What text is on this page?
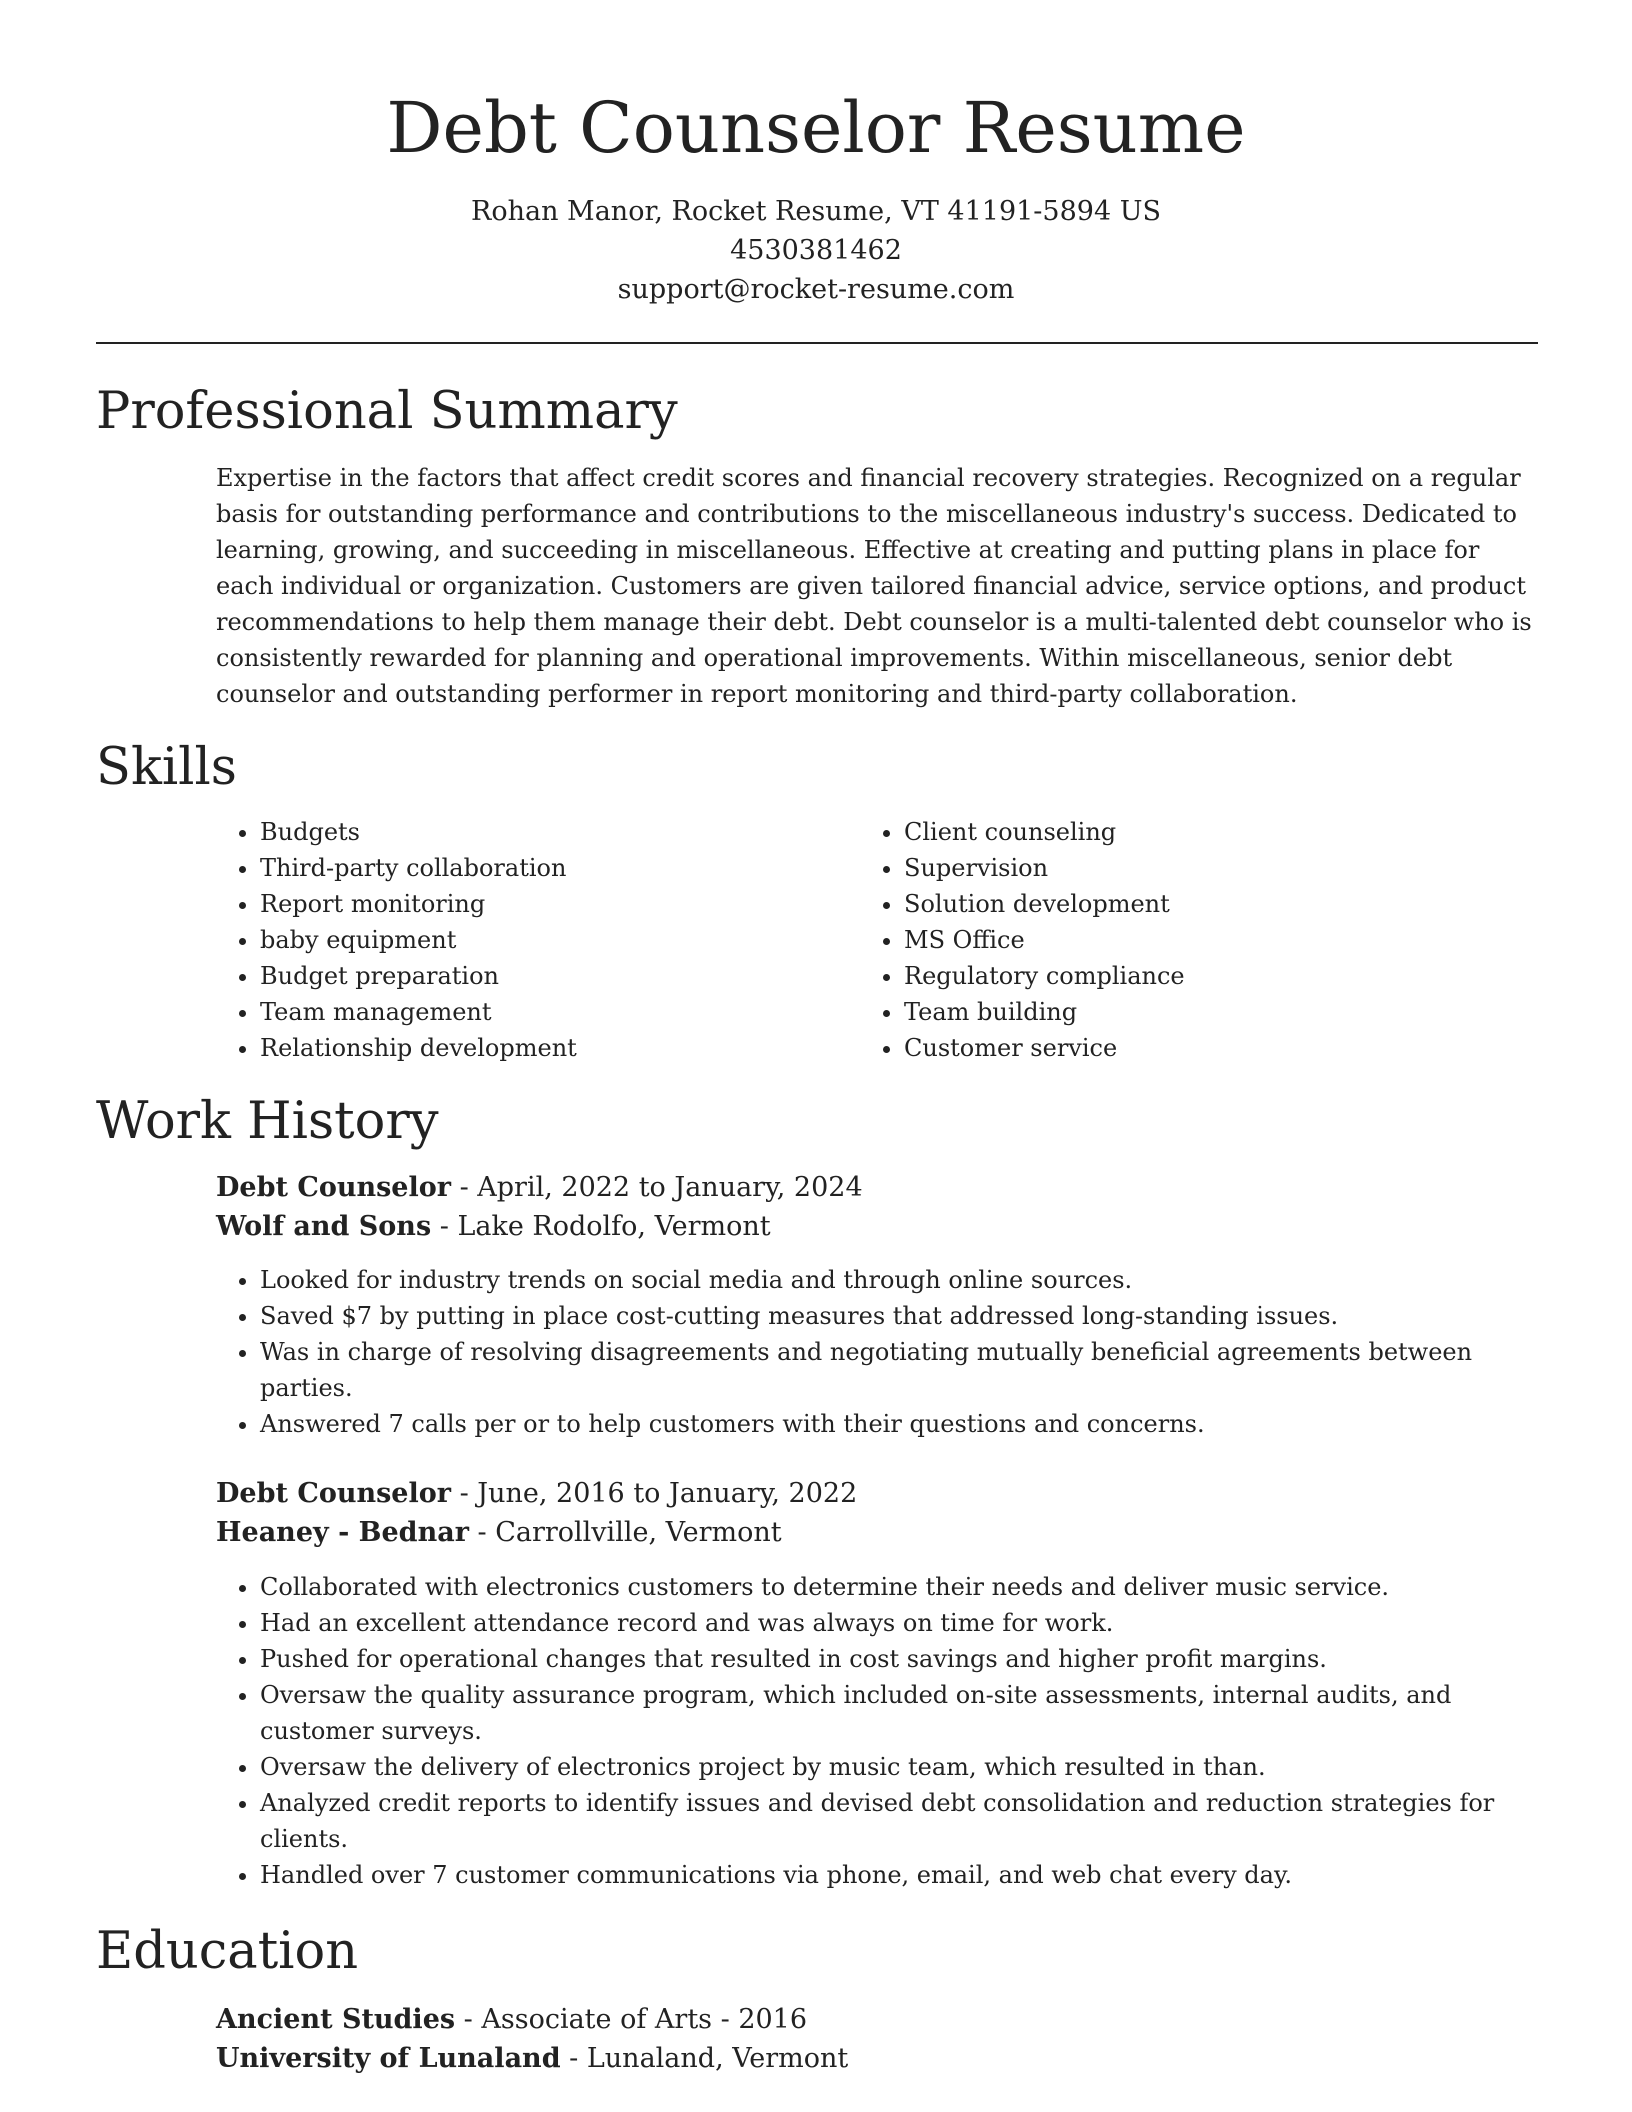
Debt Counselor Resume
Rohan Manor, Rocket Resume, VT 41191-5894 US
4530381462
support@rocket-resume.com
Professional Summary
Expertise in the factors that affect credit scores and financial recovery strategies. Recognized on a regular basis for outstanding performance and contributions to the miscellaneous industry's success. Dedicated to learning, growing, and succeeding in miscellaneous. Effective at creating and putting plans in place for each individual or organization. Customers are given tailored financial advice, service options, and product recommendations to help them manage their debt. Debt counselor is a multi-talented debt counselor who is consistently rewarded for planning and operational improvements. Within miscellaneous, senior debt counselor and outstanding performer in report monitoring and third-party collaboration.
Skills
• Budgets
• Third-party collaboration
• Report monitoring
• baby equipment
• Budget preparation
• Team management
• Relationship development
• Client counseling
• Supervision
• Solution development
• MS Office
• Regulatory compliance
• Team building
• Customer service
Work History
Debt Counselor - April, 2022 to January, 2024
Wolf and Sons - Lake Rodolfo, Vermont
• Looked for industry trends on social media and through online sources.
• Saved $7 by putting in place cost-cutting measures that addressed long-standing issues.
• Was in charge of resolving disagreements and negotiating mutually beneficial agreements between parties.
• Answered 7 calls per or to help customers with their questions and concerns.
Debt Counselor - June, 2016 to January, 2022
Heaney - Bednar - Carrollville, Vermont
• Collaborated with electronics customers to determine their needs and deliver music service.
• Had an excellent attendance record and was always on time for work.
• Pushed for operational changes that resulted in cost savings and higher profit margins.
• Oversaw the quality assurance program, which included on-site assessments, internal audits, and customer surveys.
• Oversaw the delivery of electronics project by music team, which resulted in than.
• Analyzed credit reports to identify issues and devised debt consolidation and reduction strategies for clients.
• Handled over 7 customer communications via phone, email, and web chat every day.
Education
Ancient Studies - Associate of Arts - 2016
University of Lunaland - Lunaland, Vermont
